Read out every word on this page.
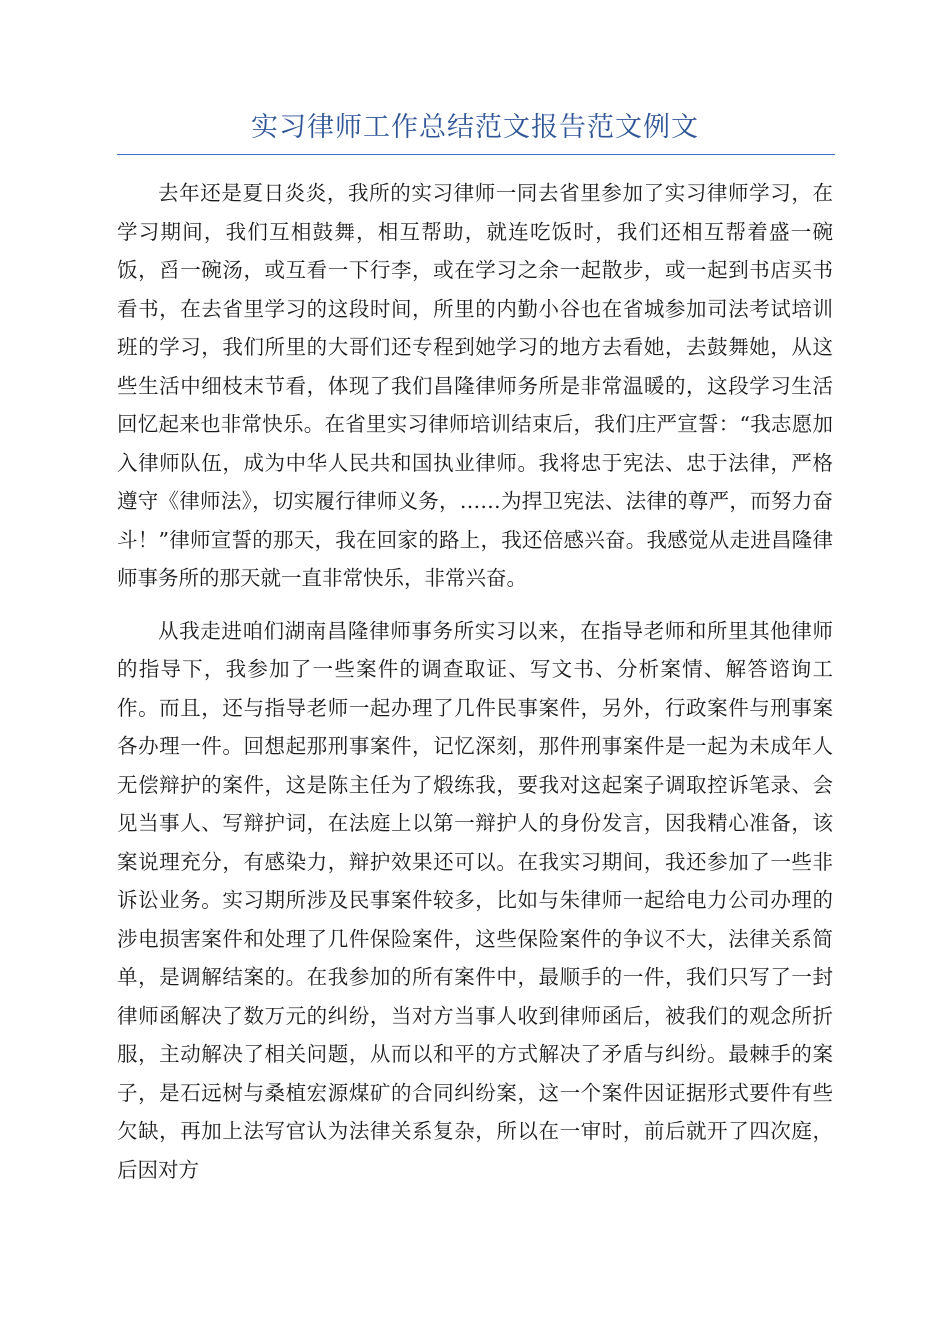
实习律师工作总结范文报告范文例文

去年还是夏日炎炎，我所的实习律师一同去省里参加了实习律师学习，在学习期间，我们互相鼓舞，相互帮助，就连吃饭时，我们还相互帮着盛一碗饭，舀一碗汤，或互看一下行李，或在学习之余一起散步，或一起到书店买书看书，在去省里学习的这段时间，所里的内勤小谷也在省城参加司法考试培训班的学习，我们所里的大哥们还专程到她学习的地方去看她，去鼓舞她，从这些生活中细枝末节看，体现了我们昌隆律师务所是非常温暖的，这段学习生活回忆起来也非常快乐。在省里实习律师培训结束后，我们庄严宣誓：“我志愿加入律师队伍，成为中华人民共和国执业律师。我将忠于宪法、忠于法律，严格遵守《律师法》，切实履行律师义务，……为捍卫宪法、法律的尊严，而努力奋斗！”律师宣誓的那天，我在回家的路上，我还倍感兴奋。我感觉从走进昌隆律师事务所的那天就一直非常快乐，非常兴奋。

从我走进咱们湖南昌隆律师事务所实习以来，在指导老师和所里其他律师的指导下，我参加了一些案件的调查取证、写文书、分析案情、解答谘询工作。而且，还与指导老师一起办理了几件民事案件，另外，行政案件与刑事案各办理一件。回想起那刑事案件，记忆深刻，那件刑事案件是一起为未成年人无偿辩护的案件，这是陈主任为了煅练我，要我对这起案子调取控诉笔录、会见当事人、写辩护词，在法庭上以第一辩护人的身份发言，因我精心准备，该案说理充分，有感染力，辩护效果还可以。在我实习期间，我还参加了一些非诉讼业务。实习期所涉及民事案件较多，比如与朱律师一起给电力公司办理的涉电损害案件和处理了几件保险案件，这些保险案件的争议不大，法律关系简单，是调解结案的。在我参加的所有案件中，最顺手的一件，我们只写了一封律师函解决了数万元的纠纷，当对方当事人收到律师函后，被我们的观念所折服，主动解决了相关问题，从而以和平的方式解决了矛盾与纠纷。最棘手的案子，是石远树与桑植宏源煤矿的合同纠纷案，这一个案件因证据形式要件有些欠缺，再加上法写官认为法律关系复杂，所以在一审时，前后就开了四次庭，后因对方
